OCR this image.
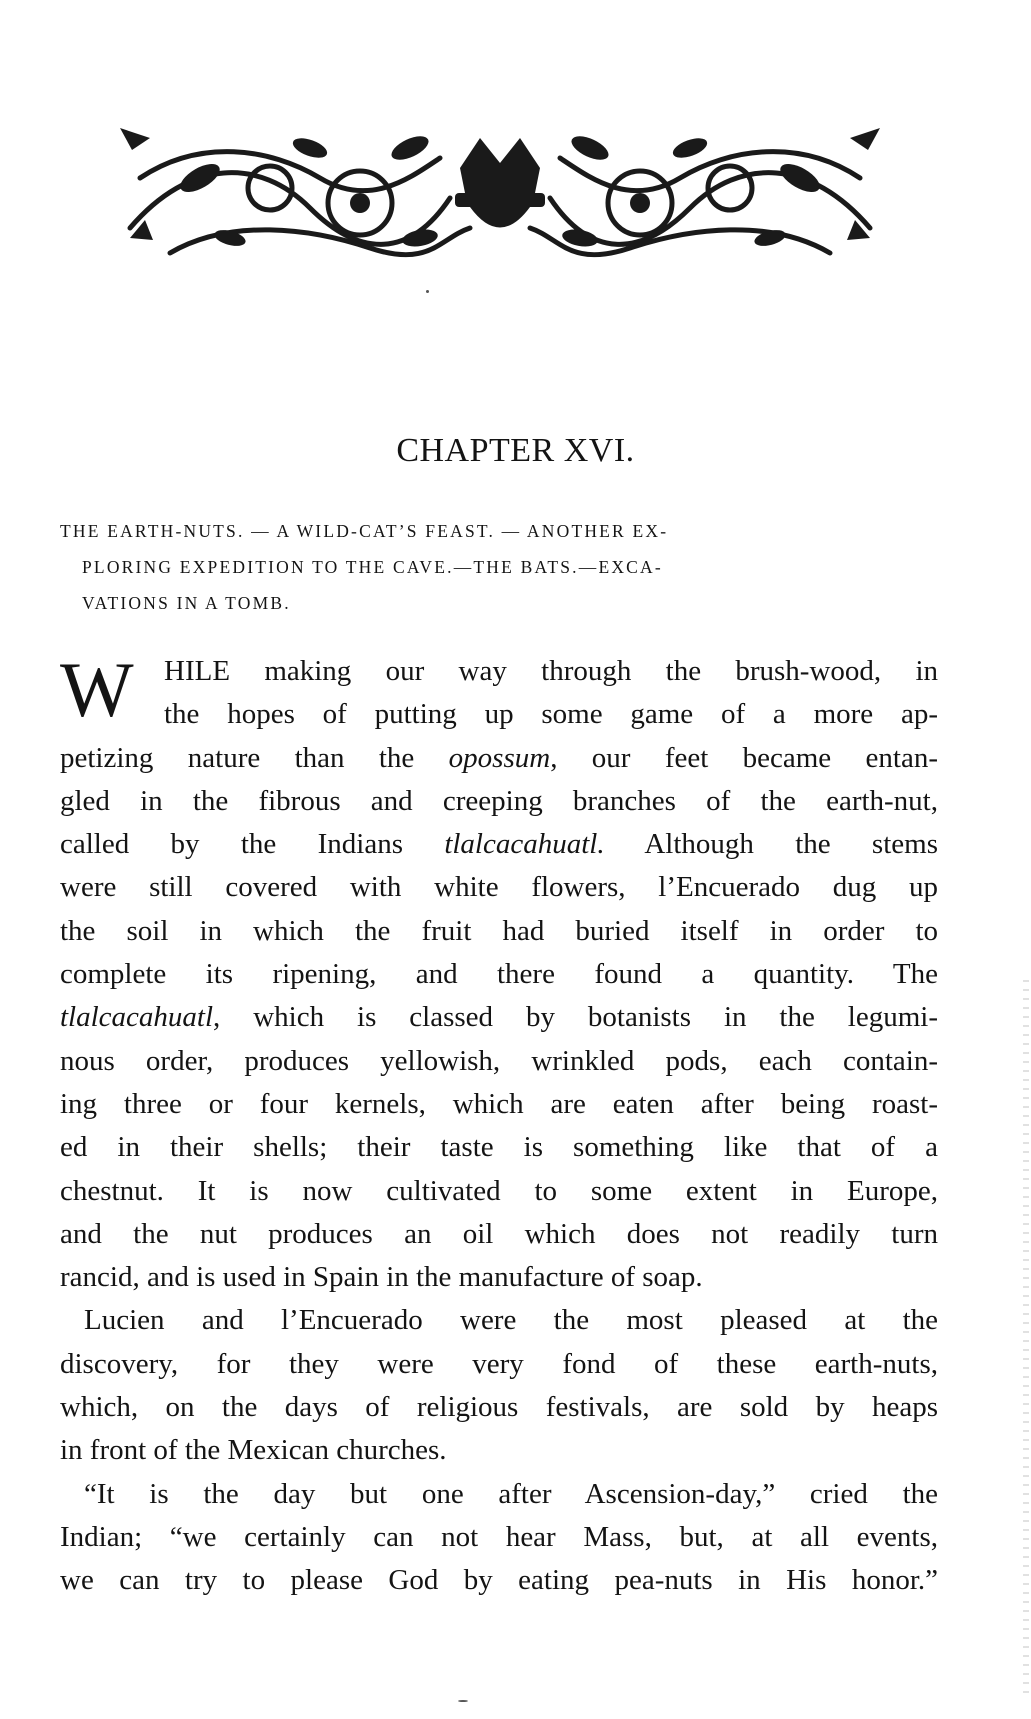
CHAPTER XVI.
THE EARTH-NUTS. — A WILD-CAT’S FEAST. — ANOTHER EX-
PLORING EXPEDITION TO THE CAVE.—THE BATS.—EXCA-
VATIONS IN A TOMB.
W HILE making our way through the brush-wood, in
the hopes of putting up some game of a more ap-
petizing nature than the opossum, our feet became entan-
gled in the fibrous and creeping branches of the earth-nut,
called by the Indians tlalcacahuatl. Although the stems
were still covered with white flowers, l’Encuerado dug up
the soil in which the fruit had buried itself in order to
complete its ripening, and there found a quantity. The
tlalcacahuatl, which is classed by botanists in the legumi-
nous order, produces yellowish, wrinkled pods, each contain-
ing three or four kernels, which are eaten after being roast-
ed in their shells; their taste is something like that of a
chestnut. It is now cultivated to some extent in Europe,
and the nut produces an oil which does not readily turn
rancid, and is used in Spain in the manufacture of soap.
Lucien and l’Encuerado were the most pleased at the
discovery, for they were very fond of these earth-nuts,
which, on the days of religious festivals, are sold by heaps
in front of the Mexican churches.
“It is the day but one after Ascension-day,” cried the
Indian; “we certainly can not hear Mass, but, at all events,
we can try to please God by eating pea-nuts in His honor.”
